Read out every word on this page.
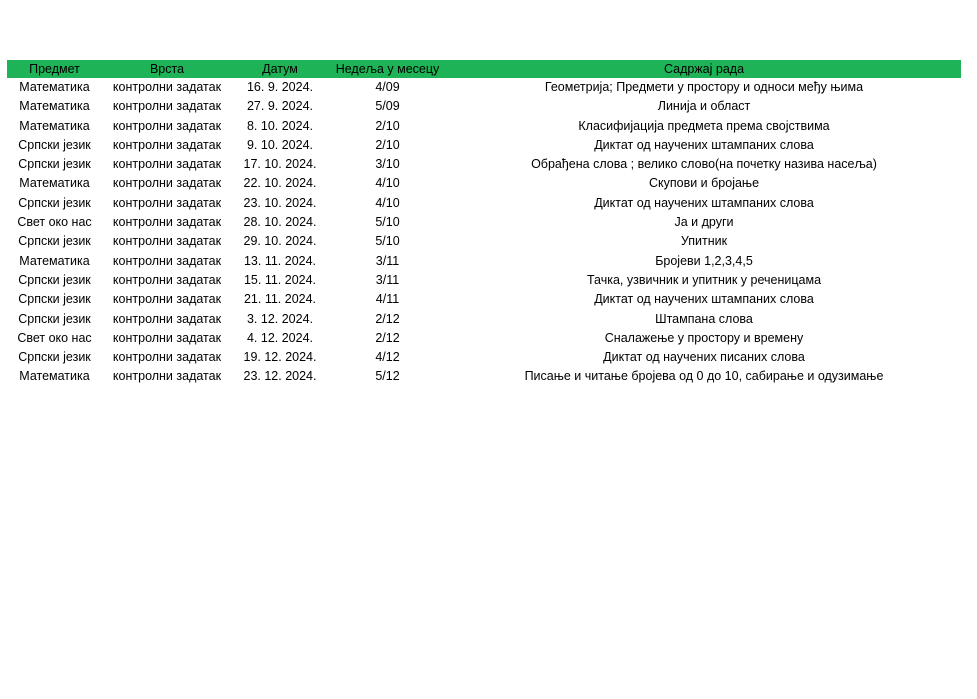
Предмет	Врста	Датум	Недеља у месецу	Садржај рада
Математика	контролни задатак	16. 9. 2024.	4/09	Геометрија; Предмети у простору и односи међу њима
Математика	контролни задатак	27. 9. 2024.	5/09	Линија и област
Математика	контролни задатак	8. 10. 2024.	2/10	Класифијација предмета према својствима
Српски језик	контролни задатак	9. 10. 2024.	2/10	Диктат од научених штампаних слова
Српски језик	контролни задатак	17. 10. 2024.	3/10	Обрађена слова ; велико слово(на почетку назива насеља)
Математика	контролни задатак	22. 10. 2024.	4/10	Скупови и бројање
Српски језик	контролни задатак	23. 10. 2024.	4/10	Диктат од научених штампаних слова
Свет око нас	контролни задатак	28. 10. 2024.	5/10	Ја и други
Српски језик	контролни задатак	29. 10. 2024.	5/10	Упитник
Математика	контролни задатак	13. 11. 2024.	3/11	Бројеви 1,2,3,4,5
Српски језик	контролни задатак	15. 11. 2024.	3/11	Тачка, узвичник и упитник у реченицама
Српски језик	контролни задатак	21. 11. 2024.	4/11	Диктат од научених штампаних слова
Српски језик	контролни задатак	3. 12. 2024.	2/12	Штампана слова
Свет око нас	контролни задатак	4. 12. 2024.	2/12	Сналажење у простору и времену
Српски језик	контролни задатак	19. 12. 2024.	4/12	Диктат од научених писаних слова
Математика	контролни задатак	23. 12. 2024.	5/12	Писање и читање бројева од 0 до 10, сабирање и одузимање
